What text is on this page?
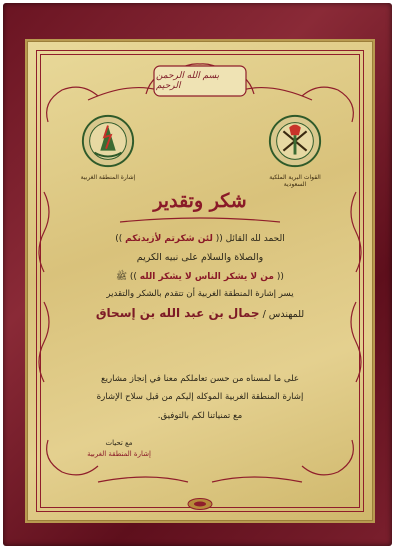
بسم الله الرحمن الرحيم
إشارة المنطقة الغربية	القوات البرية الملكية السعودية
شكر وتقدير
الحمد لله القائل (( لئن شكرتم لأزيدنكم ))
والصلاة والسلام على نبيه الكريم
(( من لا يشكر الناس لا يشكر الله )) ﷺ
يسر إشارة المنطقة الغربية أن تتقدم بالشكر والتقدير
للمهندس / جمال بن عبد الله بن إسحاق
على ما لمسناه من حسن تعاملكم معنا في إنجاز مشاريع
إشارة المنطقة الغربية الموكله إليكم من قبل سلاح الإشارة
مع تمنياتنا لكم بالتوفيق.
مع تحيات
إشارة المنطقة الغربية
